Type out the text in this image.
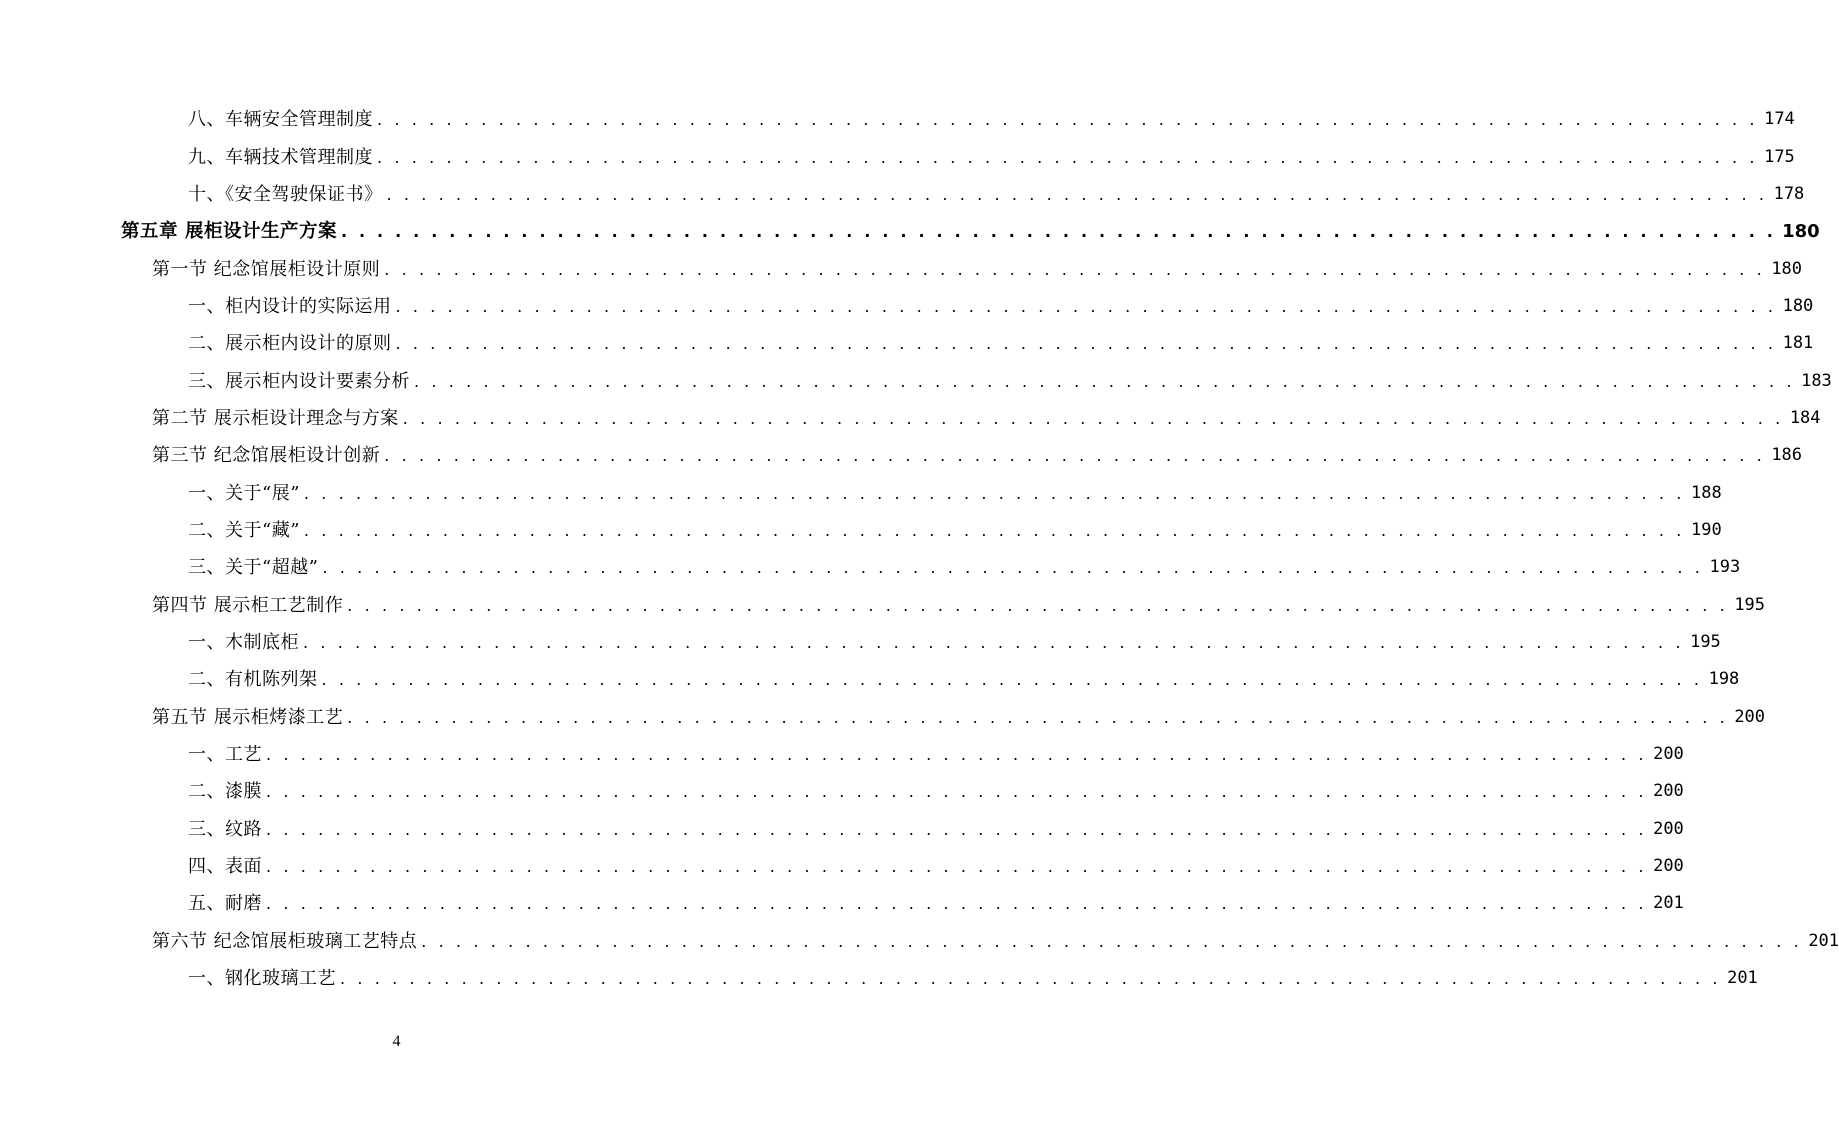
八、车辆安全管理制度 . . . . . . . . . . . . . . . . . . . . . . . . . . . . . . . . . . . . . . . . . . . . . . . . . . . . . . . . . . . . . . . . . . . . . . . . . . . . . . . . 174
九、车辆技术管理制度 . . . . . . . . . . . . . . . . . . . . . . . . . . . . . . . . . . . . . . . . . . . . . . . . . . . . . . . . . . . . . . . . . . . . . . . . . . . . . . . . 175
十、《安全驾驶保证书》 . . . . . . . . . . . . . . . . . . . . . . . . . . . . . . . . . . . . . . . . . . . . . . . . . . . . . . . . . . . . . . . . . . . . . . . . . . . . . . . . 178
第五章 展柜设计生产方案 . . . . . . . . . . . . . . . . . . . . . . . . . . . . . . . . . . . . . . . . . . . . . . . . . . . . . . . . . . . . . . . . . . . . . . . . . . . . . . . . 180
第一节 纪念馆展柜设计原则 . . . . . . . . . . . . . . . . . . . . . . . . . . . . . . . . . . . . . . . . . . . . . . . . . . . . . . . . . . . . . . . . . . . . . . . . . . . . . . . . 180
一、柜内设计的实际运用 . . . . . . . . . . . . . . . . . . . . . . . . . . . . . . . . . . . . . . . . . . . . . . . . . . . . . . . . . . . . . . . . . . . . . . . . . . . . . . . . 180
二、展示柜内设计的原则 . . . . . . . . . . . . . . . . . . . . . . . . . . . . . . . . . . . . . . . . . . . . . . . . . . . . . . . . . . . . . . . . . . . . . . . . . . . . . . . . 181
三、展示柜内设计要素分析 . . . . . . . . . . . . . . . . . . . . . . . . . . . . . . . . . . . . . . . . . . . . . . . . . . . . . . . . . . . . . . . . . . . . . . . . . . . . . . . . 183
第二节 展示柜设计理念与方案 . . . . . . . . . . . . . . . . . . . . . . . . . . . . . . . . . . . . . . . . . . . . . . . . . . . . . . . . . . . . . . . . . . . . . . . . . . . . . . . . 184
第三节 纪念馆展柜设计创新 . . . . . . . . . . . . . . . . . . . . . . . . . . . . . . . . . . . . . . . . . . . . . . . . . . . . . . . . . . . . . . . . . . . . . . . . . . . . . . . . 186
一、关于“展” . . . . . . . . . . . . . . . . . . . . . . . . . . . . . . . . . . . . . . . . . . . . . . . . . . . . . . . . . . . . . . . . . . . . . . . . . . . . . . . . 188
二、关于“藏” . . . . . . . . . . . . . . . . . . . . . . . . . . . . . . . . . . . . . . . . . . . . . . . . . . . . . . . . . . . . . . . . . . . . . . . . . . . . . . . . 190
三、关于“超越” . . . . . . . . . . . . . . . . . . . . . . . . . . . . . . . . . . . . . . . . . . . . . . . . . . . . . . . . . . . . . . . . . . . . . . . . . . . . . . . . 193
第四节 展示柜工艺制作 . . . . . . . . . . . . . . . . . . . . . . . . . . . . . . . . . . . . . . . . . . . . . . . . . . . . . . . . . . . . . . . . . . . . . . . . . . . . . . . . 195
一、木制底柜 . . . . . . . . . . . . . . . . . . . . . . . . . . . . . . . . . . . . . . . . . . . . . . . . . . . . . . . . . . . . . . . . . . . . . . . . . . . . . . . . 195
二、有机陈列架 . . . . . . . . . . . . . . . . . . . . . . . . . . . . . . . . . . . . . . . . . . . . . . . . . . . . . . . . . . . . . . . . . . . . . . . . . . . . . . . . 198
第五节 展示柜烤漆工艺 . . . . . . . . . . . . . . . . . . . . . . . . . . . . . . . . . . . . . . . . . . . . . . . . . . . . . . . . . . . . . . . . . . . . . . . . . . . . . . . . 200
一、工艺 . . . . . . . . . . . . . . . . . . . . . . . . . . . . . . . . . . . . . . . . . . . . . . . . . . . . . . . . . . . . . . . . . . . . . . . . . . . . . . . . 200
二、漆膜 . . . . . . . . . . . . . . . . . . . . . . . . . . . . . . . . . . . . . . . . . . . . . . . . . . . . . . . . . . . . . . . . . . . . . . . . . . . . . . . . 200
三、纹路 . . . . . . . . . . . . . . . . . . . . . . . . . . . . . . . . . . . . . . . . . . . . . . . . . . . . . . . . . . . . . . . . . . . . . . . . . . . . . . . . 200
四、表面 . . . . . . . . . . . . . . . . . . . . . . . . . . . . . . . . . . . . . . . . . . . . . . . . . . . . . . . . . . . . . . . . . . . . . . . . . . . . . . . . 200
五、耐磨 . . . . . . . . . . . . . . . . . . . . . . . . . . . . . . . . . . . . . . . . . . . . . . . . . . . . . . . . . . . . . . . . . . . . . . . . . . . . . . . . 201
第六节 纪念馆展柜玻璃工艺特点 . . . . . . . . . . . . . . . . . . . . . . . . . . . . . . . . . . . . . . . . . . . . . . . . . . . . . . . . . . . . . . . . . . . . . . . . . . . . . . . . 201
一、钢化玻璃工艺 . . . . . . . . . . . . . . . . . . . . . . . . . . . . . . . . . . . . . . . . . . . . . . . . . . . . . . . . . . . . . . . . . . . . . . . . . . . . . . . . 201
4
